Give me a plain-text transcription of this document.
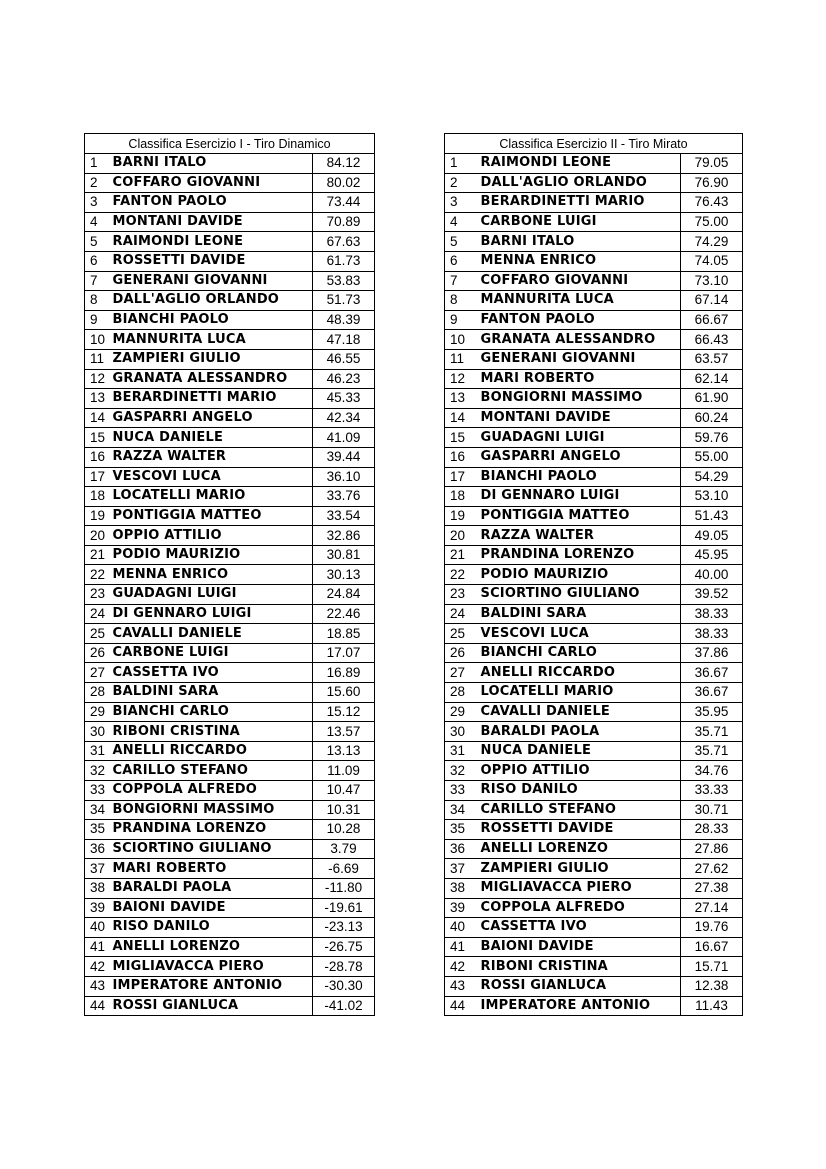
Classifica Esercizio I - Tiro Dinamico		
1	BARNI ITALO	84.12
2	COFFARO GIOVANNI	80.02
3	FANTON PAOLO	73.44
4	MONTANI DAVIDE	70.89
5	RAIMONDI LEONE	67.63
6	ROSSETTI DAVIDE	61.73
7	GENERANI GIOVANNI	53.83
8	DALL'AGLIO ORLANDO	51.73
9	BIANCHI PAOLO	48.39
10	MANNURITA LUCA	47.18
11	ZAMPIERI GIULIO	46.55
12	GRANATA ALESSANDRO	46.23
13	BERARDINETTI MARIO	45.33
14	GASPARRI ANGELO	42.34
15	NUCA DANIELE	41.09
16	RAZZA WALTER	39.44
17	VESCOVI LUCA	36.10
18	LOCATELLI MARIO	33.76
19	PONTIGGIA MATTEO	33.54
20	OPPIO ATTILIO	32.86
21	PODIO MAURIZIO	30.81
22	MENNA ENRICO	30.13
23	GUADAGNI LUIGI	24.84
24	DI GENNARO LUIGI	22.46
25	CAVALLI DANIELE	18.85
26	CARBONE LUIGI	17.07
27	CASSETTA IVO	16.89
28	BALDINI SARA	15.60
29	BIANCHI CARLO	15.12
30	RIBONI CRISTINA	13.57
31	ANELLI RICCARDO	13.13
32	CARILLO STEFANO	11.09
33	COPPOLA ALFREDO	10.47
34	BONGIORNI MASSIMO	10.31
35	PRANDINA LORENZO	10.28
36	SCIORTINO GIULIANO	3.79
37	MARI ROBERTO	-6.69
38	BARALDI PAOLA	-11.80
39	BAIONI DAVIDE	-19.61
40	RISO DANILO	-23.13
41	ANELLI LORENZO	-26.75
42	MIGLIAVACCA PIERO	-28.78
43	IMPERATORE ANTONIO	-30.30
44	ROSSI GIANLUCA	-41.02
Classifica Esercizio II - Tiro Mirato		
1	RAIMONDI LEONE	79.05
2	DALL'AGLIO ORLANDO	76.90
3	BERARDINETTI MARIO	76.43
4	CARBONE LUIGI	75.00
5	BARNI ITALO	74.29
6	MENNA ENRICO	74.05
7	COFFARO GIOVANNI	73.10
8	MANNURITA LUCA	67.14
9	FANTON PAOLO	66.67
10	GRANATA ALESSANDRO	66.43
11	GENERANI GIOVANNI	63.57
12	MARI ROBERTO	62.14
13	BONGIORNI MASSIMO	61.90
14	MONTANI DAVIDE	60.24
15	GUADAGNI LUIGI	59.76
16	GASPARRI ANGELO	55.00
17	BIANCHI PAOLO	54.29
18	DI GENNARO LUIGI	53.10
19	PONTIGGIA MATTEO	51.43
20	RAZZA WALTER	49.05
21	PRANDINA LORENZO	45.95
22	PODIO MAURIZIO	40.00
23	SCIORTINO GIULIANO	39.52
24	BALDINI SARA	38.33
25	VESCOVI LUCA	38.33
26	BIANCHI CARLO	37.86
27	ANELLI RICCARDO	36.67
28	LOCATELLI MARIO	36.67
29	CAVALLI DANIELE	35.95
30	BARALDI PAOLA	35.71
31	NUCA DANIELE	35.71
32	OPPIO ATTILIO	34.76
33	RISO DANILO	33.33
34	CARILLO STEFANO	30.71
35	ROSSETTI DAVIDE	28.33
36	ANELLI LORENZO	27.86
37	ZAMPIERI GIULIO	27.62
38	MIGLIAVACCA PIERO	27.38
39	COPPOLA ALFREDO	27.14
40	CASSETTA IVO	19.76
41	BAIONI DAVIDE	16.67
42	RIBONI CRISTINA	15.71
43	ROSSI GIANLUCA	12.38
44	IMPERATORE ANTONIO	11.43
